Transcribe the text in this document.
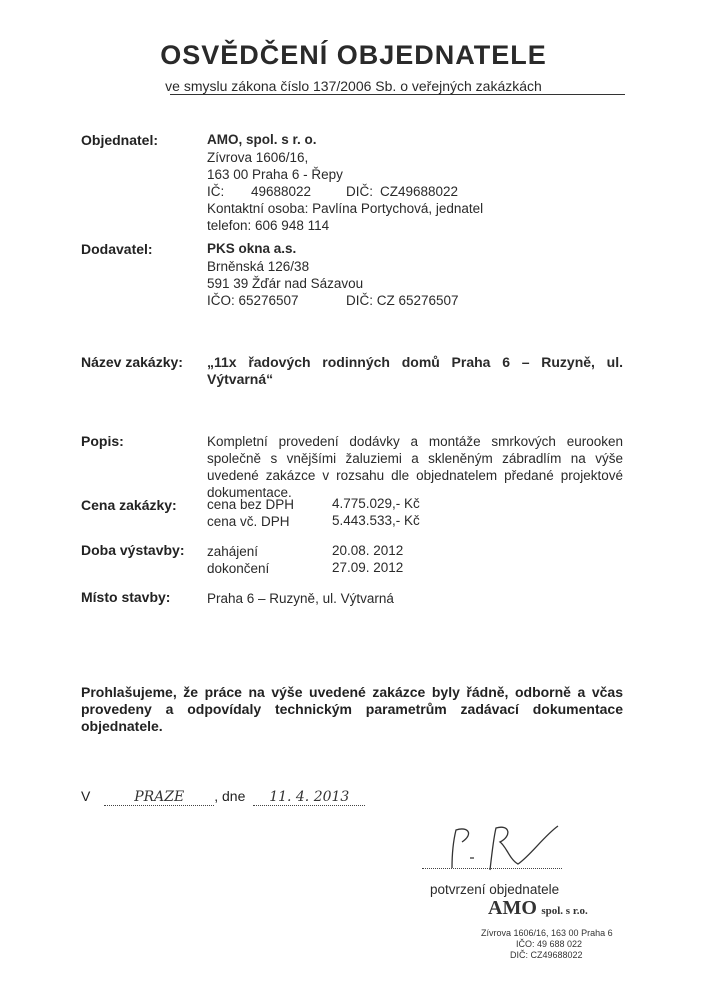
OSVĚDČENÍ OBJEDNATELE
ve smyslu zákona číslo 137/2006 Sb. o veřejných zakázkách
Objednatel:	AMO, spol. s r. o.
Zívrova 1606/16,
163 00 Praha 6 - Řepy
IČ: 49688022	DIČ: CZ49688022
Kontaktní osoba: Pavlína Portychová, jednatel
telefon: 606 948 114
Dodavatel:	PKS okna a.s.
Brněnská 126/38
591 39 Žďár nad Sázavou
IČO: 65276507	DIČ: CZ 65276507
Název zakázky: „11x řadových rodinných domů Praha 6 – Ruzyně, ul. Výtvarná“
Popis:	Kompletní provedení dodávky a montáže smrkových eurooken společně s vnějšími žaluziemi a skleněným zábradlím na výše uvedené zakázce v rozsahu dle objednatelem předané projektové dokumentace.
Cena zakázky: cena bez DPH	4.775.029,- Kč
cena vč. DPH	5.443.533,- Kč
Doba výstavby: zahájení	20.08. 2012
dokončení	27.09. 2012
Místo stavby:	Praha 6 – Ruzyně, ul. Výtvarná
Prohlašujeme, že práce na výše uvedené zakázce byly řádně, odborně a včas provedeny a odpovídaly technickým parametrům zadávací dokumentace objednatele.
V	PRAZE , dne 11. 4. 2013
potvrzení objednatele
AMO spol. s r.o.
Zívrova 1606/16, 163 00 Praha 6
IČO: 49 688 022
DIČ: CZ49688022
